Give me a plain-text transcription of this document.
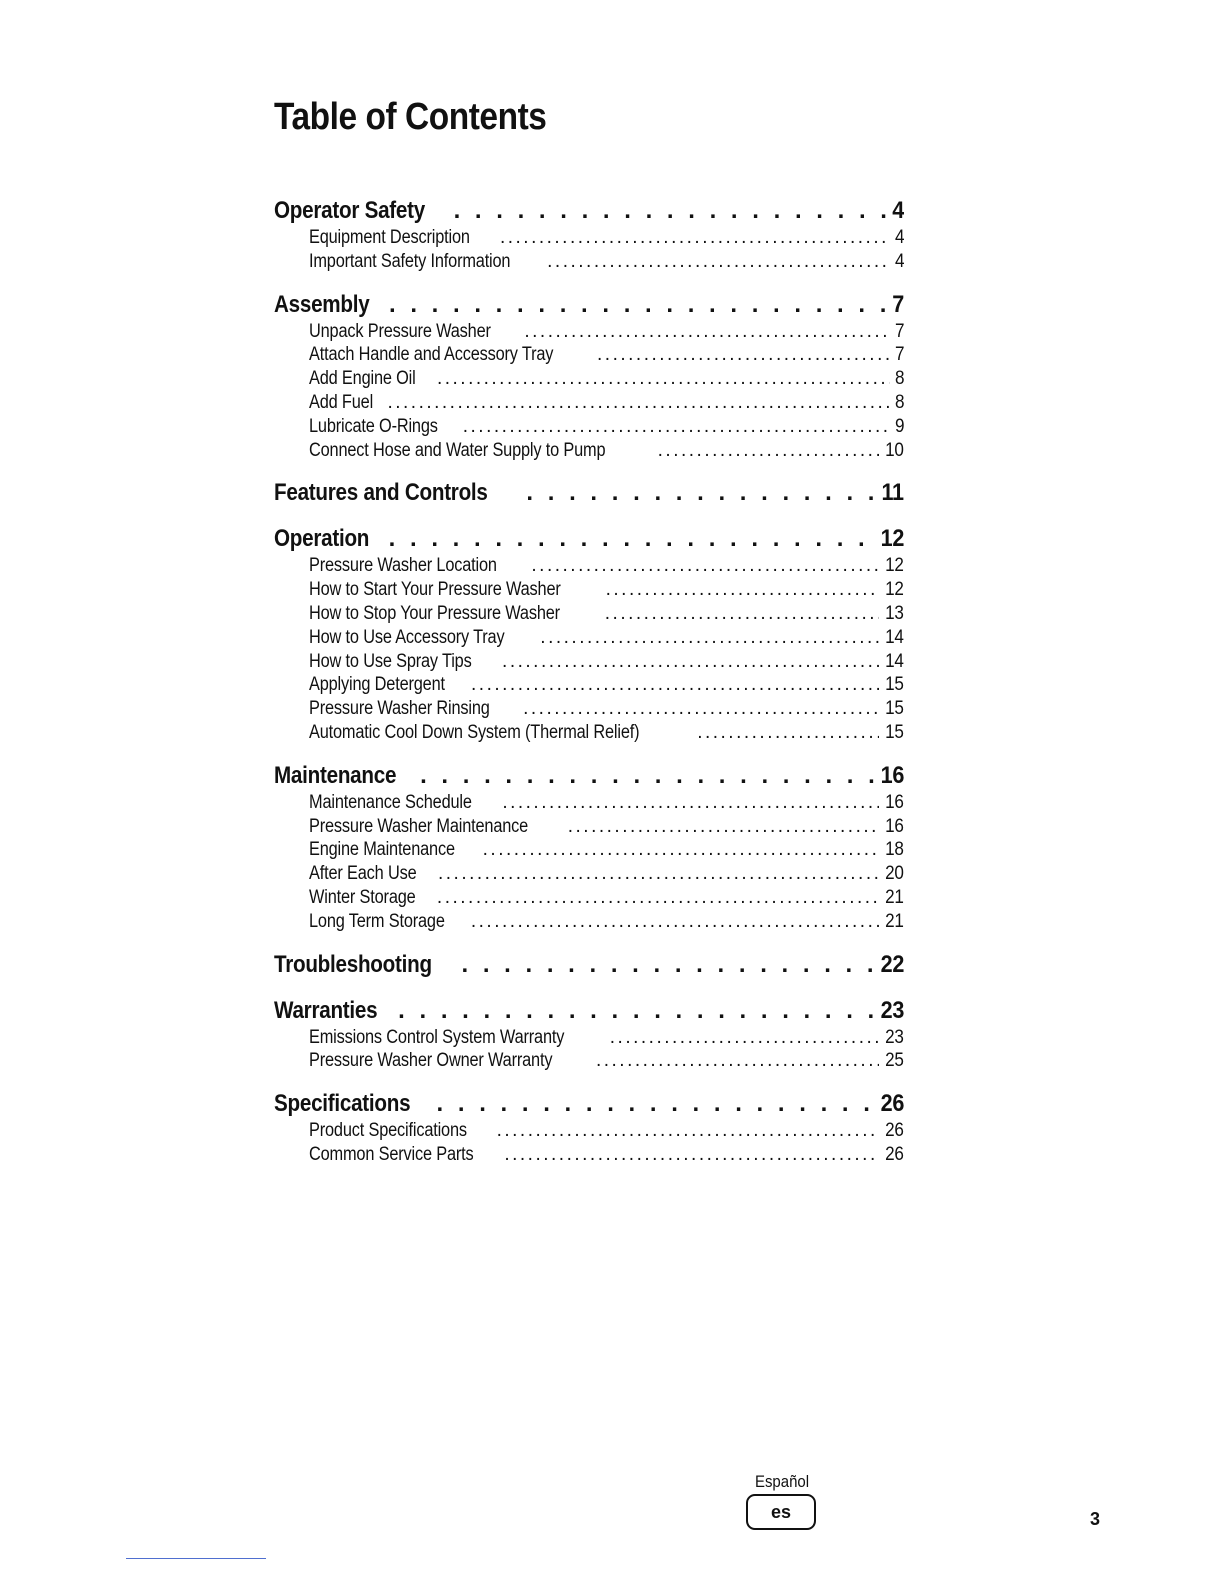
Table of Contents
Operator Safety . . .	4
Equipment Description .....	4
Important Safety Information .....	4
Assembly . . .	7
Unpack Pressure Washer .....	7
Attach Handle and Accessory Tray .....	7
Add Engine Oil .....	8
Add Fuel .....	8
Lubricate O-Rings .....	9
Connect Hose and Water Supply to Pump .....	10
Features and Controls . . .	11
Operation . . .	12
Pressure Washer Location .....	12
How to Start Your Pressure Washer .....	12
How to Stop Your Pressure Washer .....	13
How to Use Accessory Tray .....	14
How to Use Spray Tips .....	14
Applying Detergent .....	15
Pressure Washer Rinsing .....	15
Automatic Cool Down System (Thermal Relief) .....	15
Maintenance . . .	16
Maintenance Schedule .....	16
Pressure Washer Maintenance .....	16
Engine Maintenance .....	18
After Each Use .....	20
Winter Storage .....	21
Long Term Storage .....	21
Troubleshooting . . .	22
Warranties . . .	23
Emissions Control System Warranty .....	23
Pressure Washer Owner Warranty .....	25
Specifications . . .	26
Product Specifications .....	26
Common Service Parts .....	26
Español
es	3
